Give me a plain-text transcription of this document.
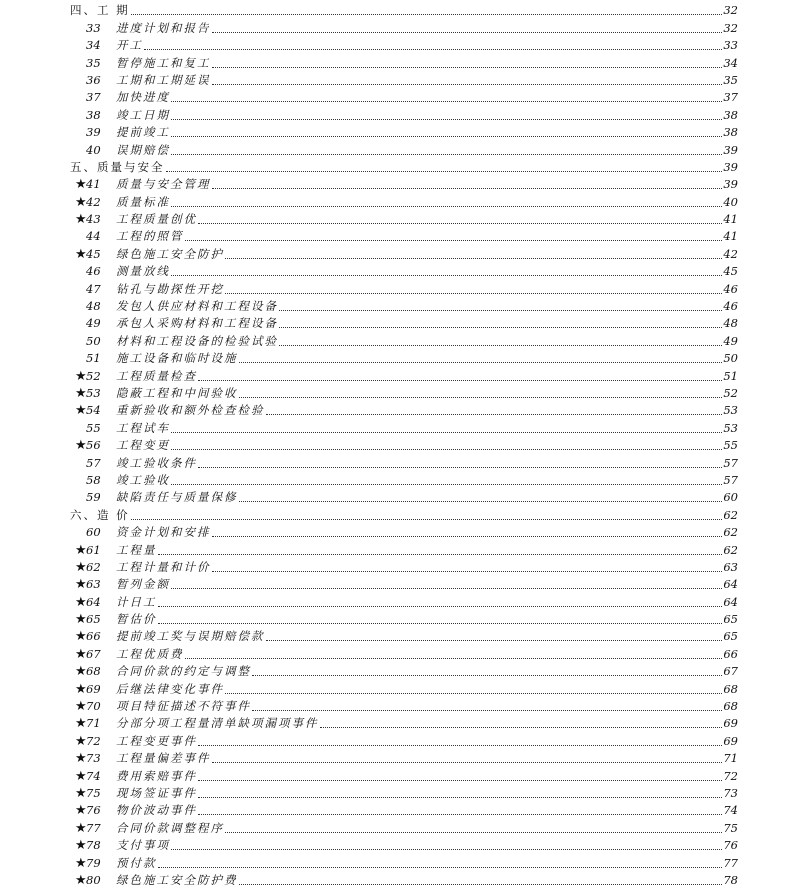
四、工 期	32
33	进度计划和报告	32
34	开工	33
35	暂停施工和复工	34
36	工期和工期延误	35
37	加快进度	37
38	竣工日期	38
39	提前竣工	38
40	误期赔偿	39
五、质量与安全	39
★ 41	质量与安全管理	39
★ 42	质量标准	40
★ 43	工程质量创优	41
44	工程的照管	41
★ 45	绿色施工安全防护	42
46	测量放线	45
47	钻孔与勘探性开挖	46
48	发包人供应材料和工程设备	46
49	承包人采购材料和工程设备	48
50	材料和工程设备的检验试验	49
51	施工设备和临时设施	50
★ 52	工程质量检查	51
★ 53	隐蔽工程和中间验收	52
★ 54	重新验收和额外检查检验	53
55	工程试车	53
★ 56	工程变更	55
57	竣工验收条件	57
58	竣工验收	57
59	缺陷责任与质量保修	60
六、造 价	62
60	资金计划和安排	62
★ 61	工程量	62
★ 62	工程计量和计价	63
★ 63	暂列金额	64
★ 64	计日工	64
★ 65	暂估价	65
★ 66	提前竣工奖与误期赔偿款	65
★ 67	工程优质费	66
★ 68	合同价款的约定与调整	67
★ 69	后继法律变化事件	68
★ 70	项目特征描述不符事件	68
★ 71	分部分项工程量清单缺项漏项事件	69
★ 72	工程变更事件	69
★ 73	工程量偏差事件	71
★ 74	费用索赔事件	72
★ 75	现场签证事件	73
★ 76	物价波动事件	74
★ 77	合同价款调整程序	75
★ 78	支付事项	76
★ 79	预付款	77
★ 80	绿色施工安全防护费	78
